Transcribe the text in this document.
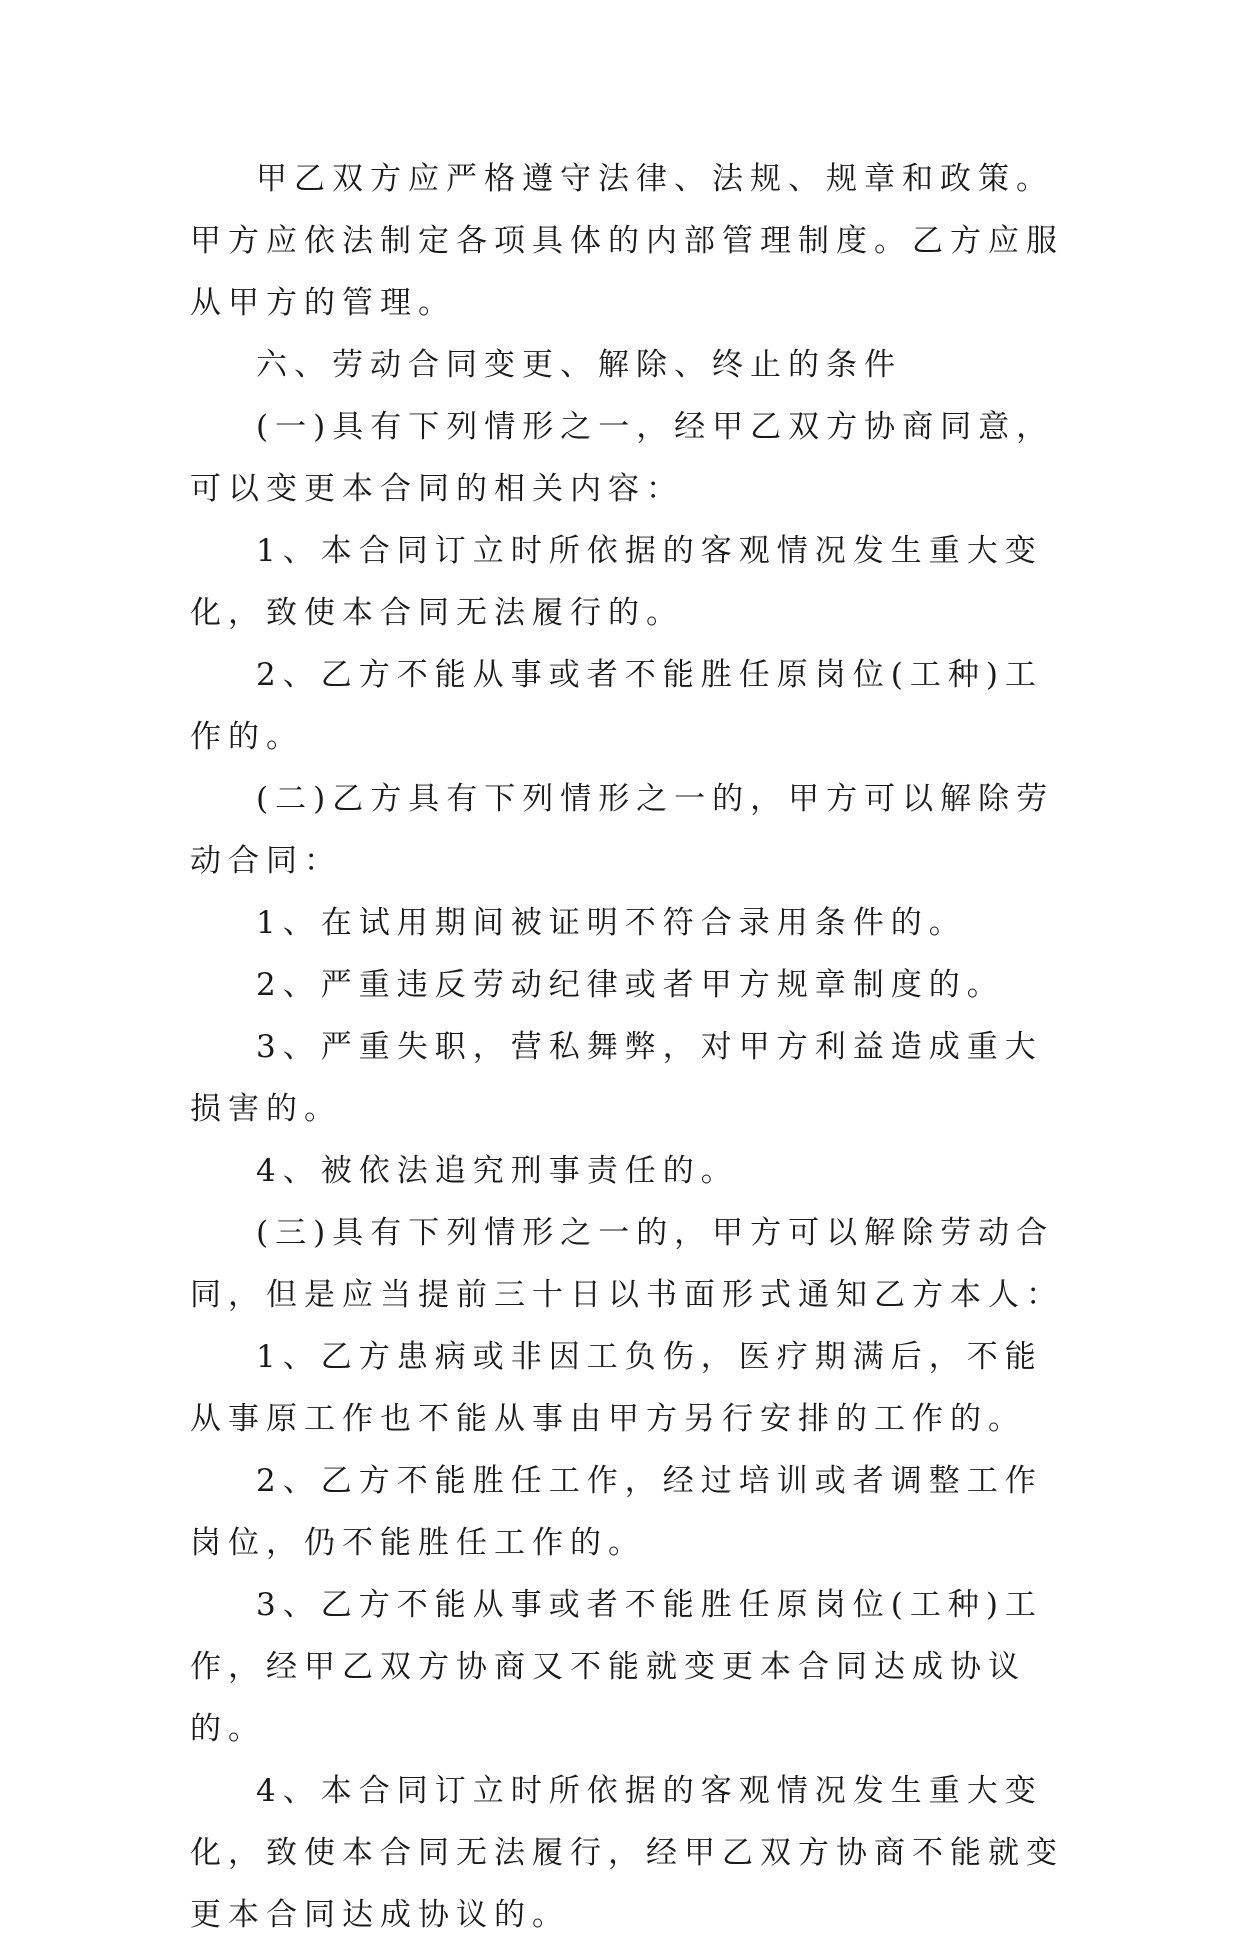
甲乙双方应严格遵守法律、法规、规章和政策。甲方应依法制定各项具体的内部管理制度。乙方应服从甲方的管理。

六、劳动合同变更、解除、终止的条件

(一)具有下列情形之一，经甲乙双方协商同意，可以变更本合同的相关内容：

1、本合同订立时所依据的客观情况发生重大变化，致使本合同无法履行的。

2、乙方不能从事或者不能胜任原岗位(工种)工作的。

(二)乙方具有下列情形之一的，甲方可以解除劳动合同：

1、在试用期间被证明不符合录用条件的。

2、严重违反劳动纪律或者甲方规章制度的。

3、严重失职，营私舞弊，对甲方利益造成重大损害的。

4、被依法追究刑事责任的。

(三)具有下列情形之一的，甲方可以解除劳动合同，但是应当提前三十日以书面形式通知乙方本人：

1、乙方患病或非因工负伤，医疗期满后，不能从事原工作也不能从事由甲方另行安排的工作的。

2、乙方不能胜任工作，经过培训或者调整工作岗位，仍不能胜任工作的。

3、乙方不能从事或者不能胜任原岗位(工种)工作，经甲乙双方协商又不能就变更本合同达成协议的。

4、本合同订立时所依据的客观情况发生重大变化，致使本合同无法履行，经甲乙双方协商不能就变更本合同达成协议的。
